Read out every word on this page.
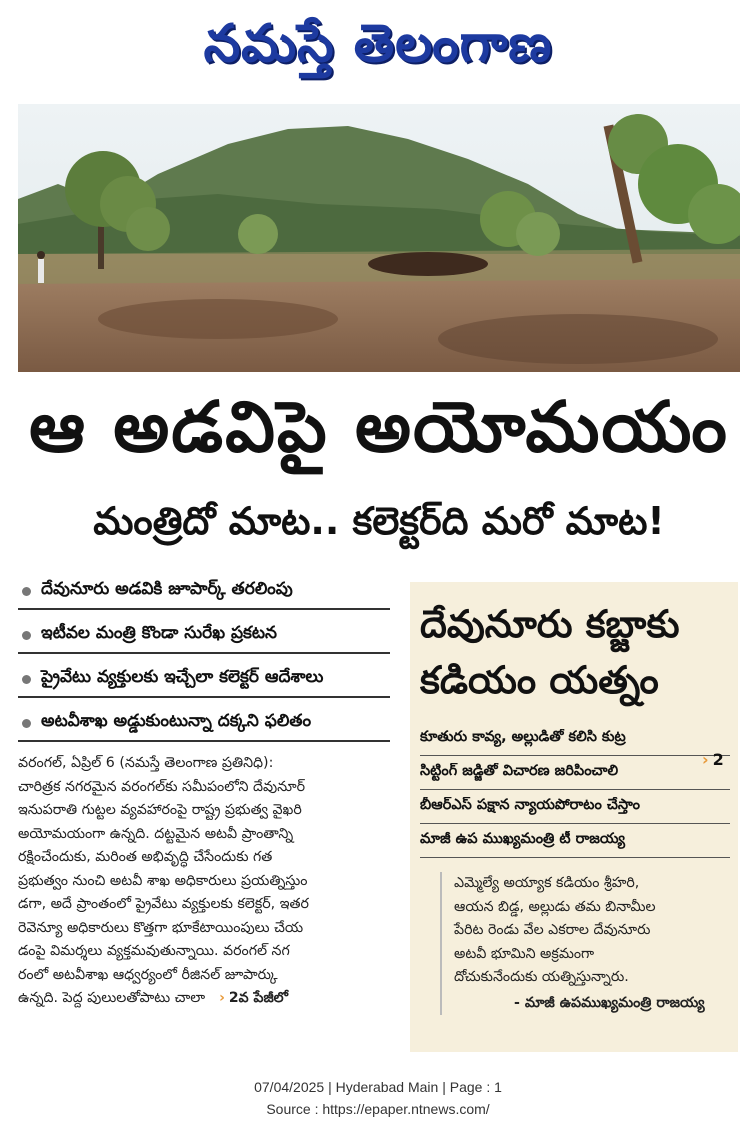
నమస్తే తెలంగాణ
ఆ అడవిపై అయోమయం
మంత్రిదో మాట.. కలెక్టర్‌ది మరో మాట!
దేవునూరు అడవికి జూపార్క్‌ తరలింపు
ఇటీవల మంత్రి కొండా సురేఖ ప్రకటన
ప్రైవేటు వ్యక్తులకు ఇచ్చేలా కలెక్టర్‌ ఆదేశాలు
అటవీశాఖ అడ్డుకుంటున్నా దక్కని ఫలితం
వరంగల్‌, ఏప్రిల్‌ 6 (నమస్తే తెలంగాణ ప్రతినిధి):
చారిత్రక నగరమైన వరంగల్‌కు సమీపంలోని దేవునూర్‌
ఇనుపరాతి గుట్టల వ్యవహారంపై రాష్ట్ర ప్రభుత్వ వైఖరి
అయోమయంగా ఉన్నది. దట్టమైన అటవీ ప్రాంతాన్ని
రక్షించేందుకు, మరింత అభివృద్ధి చేసేందుకు గత
ప్రభుత్వం నుంచి అటవీ శాఖ అధికారులు ప్రయత్నిస్తుం
డగా, అదే ప్రాంతంలో ప్రైవేటు వ్యక్తులకు కలెక్టర్‌, ఇతర
రెవెన్యూ అధికారులు కొత్తగా భూకేటాయింపులు చేయ
డంపై విమర్శలు వ్యక్తమవుతున్నాయి. వరంగల్‌ నగ
రంలో అటవీశాఖ ఆధ్వర్యంలో రీజినల్‌ జూపార్కు
ఉన్నది. పెద్ద పులులతోపాటు చాలా › 2వ పేజీలో
దేవునూరు కబ్జాకు
కడియం యత్నం
కూతురు కావ్య, అల్లుడితో కలిసి కుట్ర
సిట్టింగ్‌ జడ్జితో విచారణ జరిపించాలి
బీఆర్‌ఎస్‌ పక్షాన న్యాయపోరాటం చేస్తాం
మాజీ ఉప ముఖ్యమంత్రి టీ రాజయ్య
› 2
ఎమ్మెల్యే అయ్యాక కడియం శ్రీహరి,
ఆయన బిడ్డ, అల్లుడు తమ బినామీల
పేరిట రెండు వేల ఎకరాల దేవునూరు
అటవీ భూమిని అక్రమంగా
దోచుకునేందుకు యత్నిస్తున్నారు.
- మాజీ ఉపముఖ్యమంత్రి రాజయ్య
07/04/2025 | Hyderabad Main | Page : 1
Source : https://epaper.ntnews.com/
